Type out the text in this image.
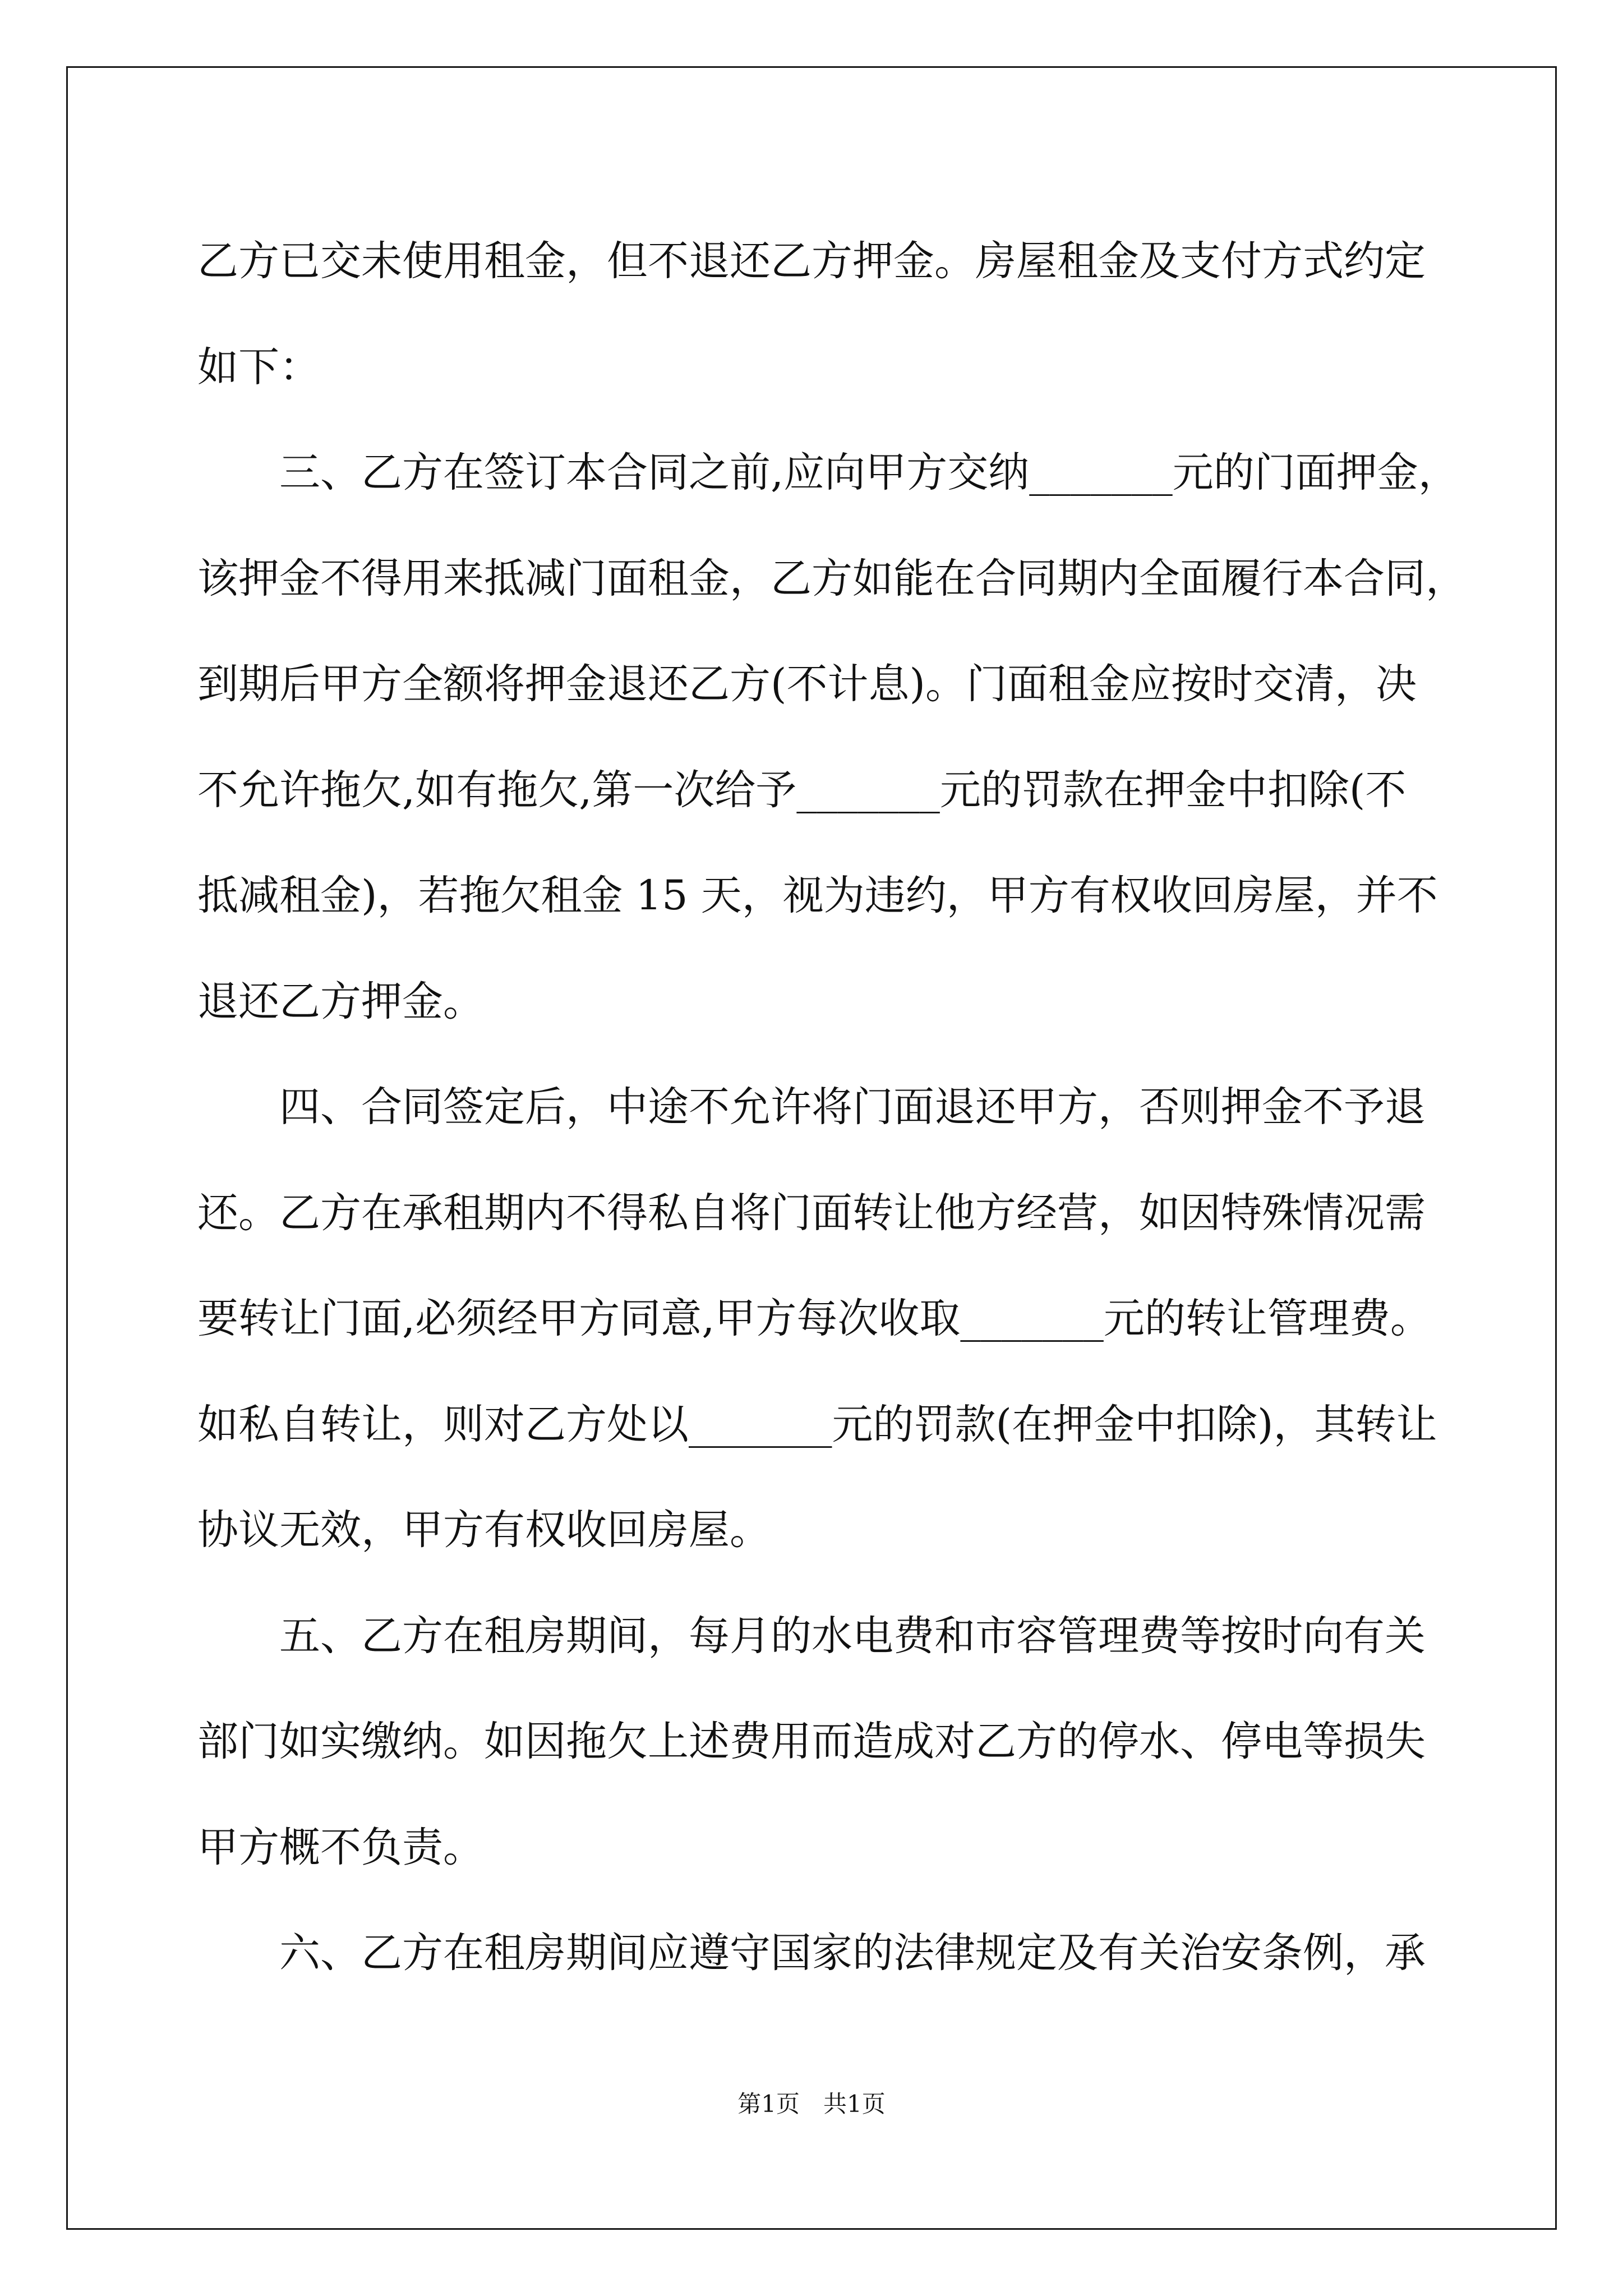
乙方已交未使用租金，但不退还乙方押金。房屋租金及支付方式约定
如下：
　　三、乙方在签订本合同之前,应向甲方交纳_______元的门面押金，
该押金不得用来抵减门面租金，乙方如能在合同期内全面履行本合同，
到期后甲方全额将押金退还乙方(不计息)。门面租金应按时交清，决
不允许拖欠,如有拖欠,第一次给予_______元的罚款在押金中扣除(不
抵减租金)，若拖欠租金 15 天，视为违约，甲方有权收回房屋，并不
退还乙方押金。
　　四、合同签定后，中途不允许将门面退还甲方，否则押金不予退
还。乙方在承租期内不得私自将门面转让他方经营，如因特殊情况需
要转让门面,必须经甲方同意,甲方每次收取_______元的转让管理费。
如私自转让，则对乙方处以_______元的罚款(在押金中扣除)，其转让
协议无效，甲方有权收回房屋。
　　五、乙方在租房期间，每月的水电费和市容管理费等按时向有关
部门如实缴纳。如因拖欠上述费用而造成对乙方的停水、停电等损失
甲方概不负责。
　　六、乙方在租房期间应遵守国家的法律规定及有关治安条例，承
第1页　共1页
